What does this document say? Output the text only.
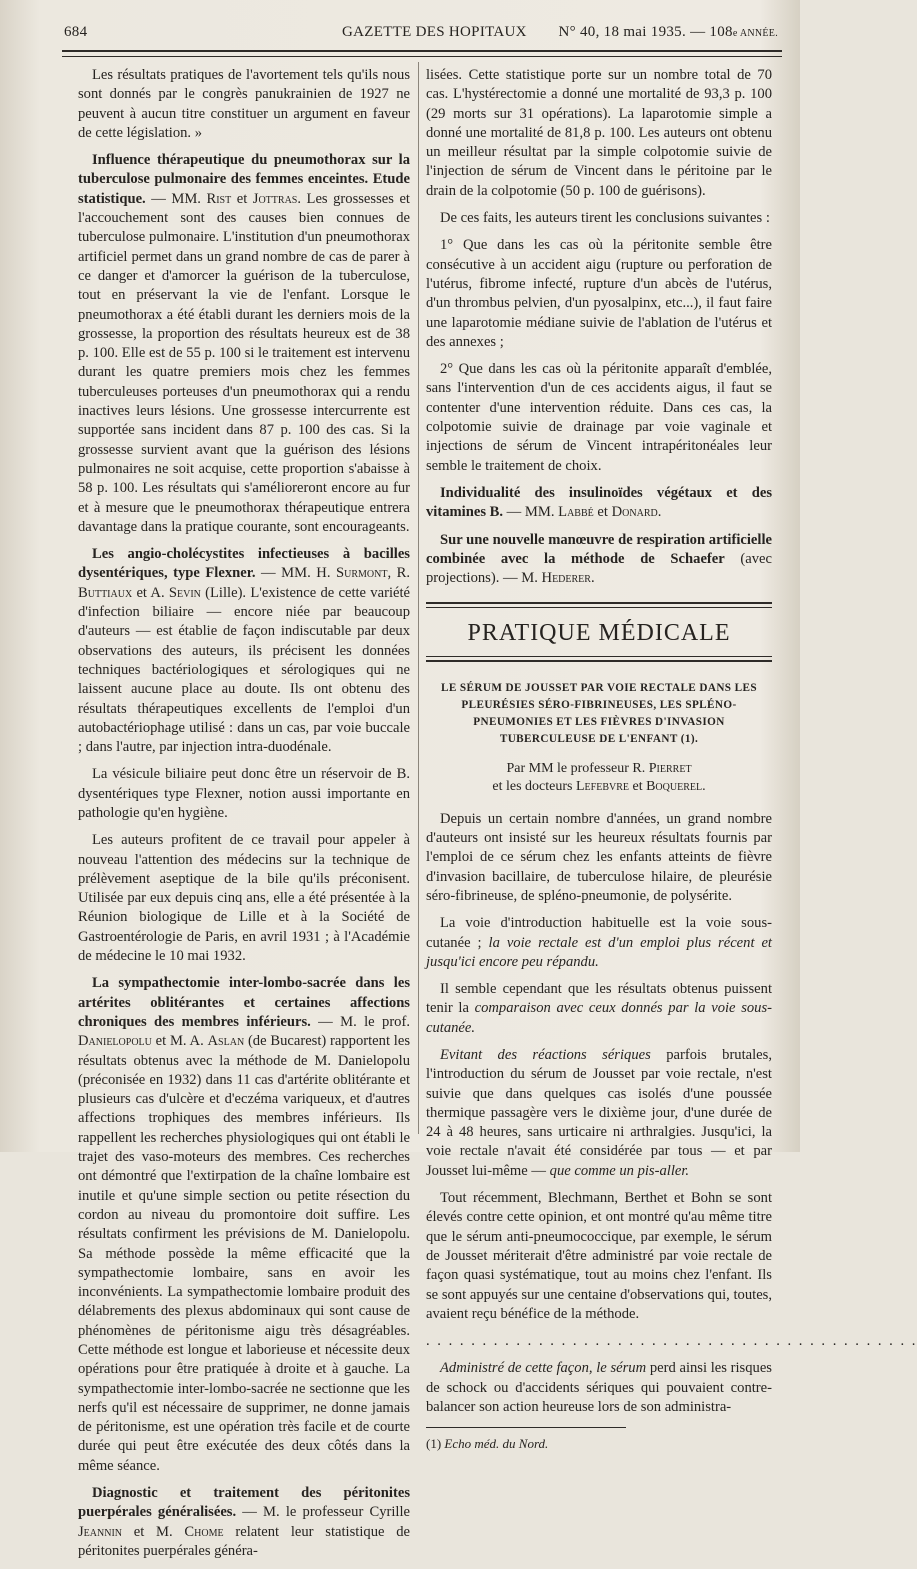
684	GAZETTE DES HOPITAUX N° 40, 18 mai 1935. — 108e ANNÉE.

Les résultats pratiques de l'avortement tels qu'ils nous sont donnés par le congrès panukrainien de 1927 ne peuvent à aucun titre constituer un argument en faveur de cette législation. »

Influence thérapeutique du pneumothorax sur la tuberculose pulmonaire des femmes enceintes. Etude statistique. — MM. Rist et Jottras. Les grossesses et l'accouchement sont des causes bien connues de tuberculose pulmonaire. L'institution d'un pneumothorax artificiel permet dans un grand nombre de cas de parer à ce danger et d'amorcer la guérison de la tuberculose, tout en préservant la vie de l'enfant. Lorsque le pneumothorax a été établi durant les derniers mois de la grossesse, la proportion des résultats heureux est de 38 p. 100. Elle est de 55 p. 100 si le traitement est intervenu durant les quatre premiers mois chez les femmes tuberculeuses porteuses d'un pneumothorax qui a rendu inactives leurs lésions. Une grossesse intercurrente est supportée sans incident dans 87 p. 100 des cas. Si la grossesse survient avant que la guérison des lésions pulmonaires ne soit acquise, cette proportion s'abaisse à 58 p. 100. Les résultats qui s'amélioreront encore au fur et à mesure que le pneumothorax thérapeutique entrera davantage dans la pratique courante, sont encourageants.

Les angio-cholécystites infectieuses à bacilles dysentériques, type Flexner. — MM. H. Surmont, R. Buttiaux et A. Sevin (Lille). L'existence de cette variété d'infection biliaire — encore niée par beaucoup d'auteurs — est établie de façon indiscutable par deux observations des auteurs, ils précisent les données techniques bactériologiques et sérologiques qui ne laissent aucune place au doute. Ils ont obtenu des résultats thérapeutiques excellents de l'emploi d'un autobactériophage utilisé : dans un cas, par voie buccale ; dans l'autre, par injection intra-duodénale.

La vésicule biliaire peut donc être un réservoir de B. dysentériques type Flexner, notion aussi importante en pathologie qu'en hygiène.

Les auteurs profitent de ce travail pour appeler à nouveau l'attention des médecins sur la technique de prélèvement aseptique de la bile qu'ils préconisent. Utilisée par eux depuis cinq ans, elle a été présentée à la Réunion biologique de Lille et à la Société de Gastroentérologie de Paris, en avril 1931 ; à l'Académie de médecine le 10 mai 1932.

La sympathectomie inter-lombo-sacrée dans les artérites oblitérantes et certaines affections chroniques des membres inférieurs. — M. le prof. Danielopolu et M. A. Aslan (de Bucarest) rapportent les résultats obtenus avec la méthode de M. Danielopolu (préconisée en 1932) dans 11 cas d'artérite oblitérante et plusieurs cas d'ulcère et d'eczéma variqueux, et d'autres affections trophiques des membres inférieurs. Ils rappellent les recherches physiologiques qui ont établi le trajet des vaso-moteurs des membres. Ces recherches ont démontré que l'extirpation de la chaîne lombaire est inutile et qu'une simple section ou petite résection du cordon au niveau du promontoire doit suffire. Les résultats confirment les prévisions de M. Danielopolu. Sa méthode possède la même efficacité que la sympathectomie lombaire, sans en avoir les inconvénients. La sympathectomie lombaire produit des délabrements des plexus abdominaux qui sont cause de phénomènes de péritonisme aigu très désagréables. Cette méthode est longue et laborieuse et nécessite deux opérations pour être pratiquée à droite et à gauche. La sympathectomie inter-lombo-sacrée ne sectionne que les nerfs qu'il est nécessaire de supprimer, ne donne jamais de péritonisme, est une opération très facile et de courte durée qui peut être exécutée des deux côtés dans la même séance.

Diagnostic et traitement des péritonites puerpérales généralisées. — M. le professeur Cyrille Jeannin et M. Chome relatent leur statistique de péritonites puerpérales généra-

lisées. Cette statistique porte sur un nombre total de 70 cas. L'hystérectomie a donné une mortalité de 93,3 p. 100 (29 morts sur 31 opérations). La laparotomie simple a donné une mortalité de 81,8 p. 100. Les auteurs ont obtenu un meilleur résultat par la simple colpotomie suivie de l'injection de sérum de Vincent dans le péritoine par le drain de la colpotomie (50 p. 100 de guérisons).

De ces faits, les auteurs tirent les conclusions suivantes :

1° Que dans les cas où la péritonite semble être consécutive à un accident aigu (rupture ou perforation de l'utérus, fibrome infecté, rupture d'un abcès de l'utérus, d'un thrombus pelvien, d'un pyosalpinx, etc...), il faut faire une laparotomie médiane suivie de l'ablation de l'utérus et des annexes ;

2° Que dans les cas où la péritonite apparaît d'emblée, sans l'intervention d'un de ces accidents aigus, il faut se contenter d'une intervention réduite. Dans ces cas, la colpotomie suivie de drainage par voie vaginale et injections de sérum de Vincent intrapéritonéales leur semble le traitement de choix.

Individualité des insulinoïdes végétaux et des vitamines B. — MM. Labbé et Donard.

Sur une nouvelle manœuvre de respiration artificielle combinée avec la méthode de Schaefer (avec projections). — M. Hederer.

PRATIQUE MÉDICALE
LE SÉRUM DE JOUSSET PAR VOIE RECTALE DANS LES PLEURÉSIES SÉRO-FIBRINEUSES, LES SPLÉNO-PNEUMONIES ET LES FIÈVRES D'INVASION TUBERCULEUSE DE L'ENFANT (1).
Par MM le professeur R. Pierret
et les docteurs Lefebvre et Boquerel.

Depuis un certain nombre d'années, un grand nombre d'auteurs ont insisté sur les heureux résultats fournis par l'emploi de ce sérum chez les enfants atteints de fièvre d'invasion bacillaire, de tuberculose hilaire, de pleurésie séro-fibrineuse, de spléno-pneumonie, de polysérite.

La voie d'introduction habituelle est la voie sous-cutanée ; la voie rectale est d'un emploi plus récent et jusqu'ici encore peu répandu.

Il semble cependant que les résultats obtenus puissent tenir la comparaison avec ceux donnés par la voie sous-cutanée.

Evitant des réactions sériques parfois brutales, l'introduction du sérum de Jousset par voie rectale, n'est suivie que dans quelques cas isolés d'une poussée thermique passagère vers le dixième jour, d'une durée de 24 à 48 heures, sans urticaire ni arthralgies. Jusqu'ici, la voie rectale n'avait été considérée par tous — et par Jousset lui-même — que comme un pis-aller.

Tout récemment, Blechmann, Berthet et Bohn se sont élevés contre cette opinion, et ont montré qu'au même titre que le sérum anti-pneumococcique, par exemple, le sérum de Jousset mériterait d'être administré par voie rectale de façon quasi systématique, tout au moins chez l'enfant. Ils se sont appuyés sur une centaine d'observations qui, toutes, avaient reçu bénéfice de la méthode.

. . . . . . . . . . . . . . . . . . . . . . . . . . . . . . . . . . . . . . . . . . . .

Administré de cette façon, le sérum perd ainsi les risques de schock ou d'accidents sériques qui pouvaient contre-balancer son action heureuse lors de son administra-

(1) Echo méd. du Nord.
